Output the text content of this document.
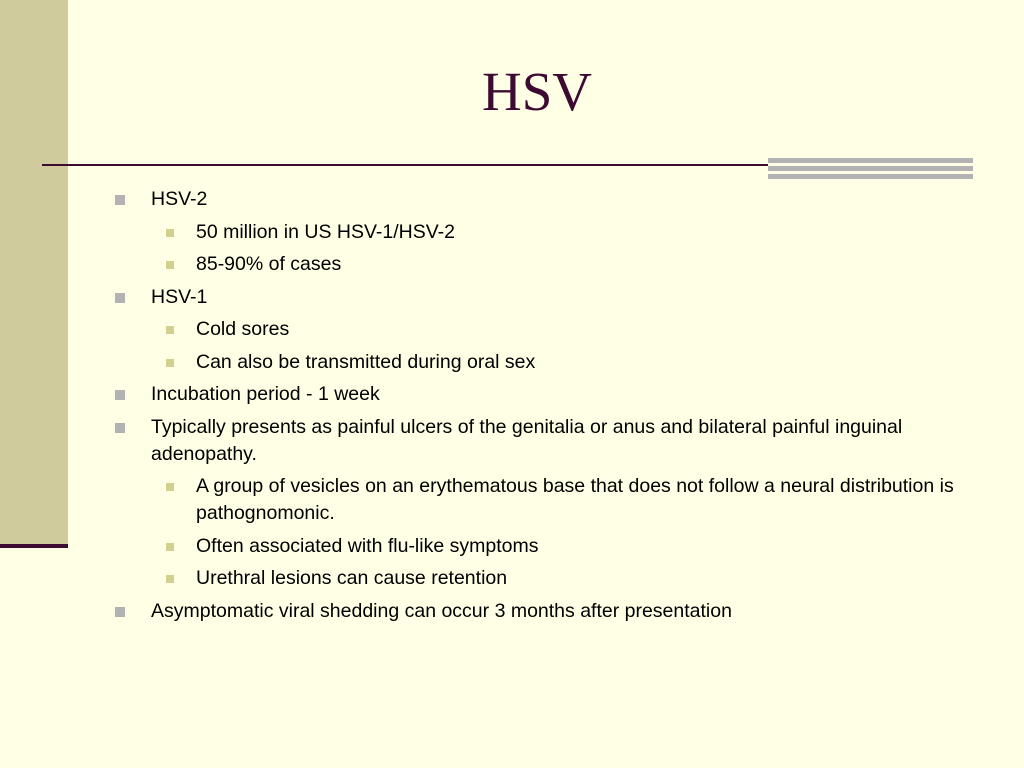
HSV
HSV-2
50 million in US HSV-1/HSV-2
85-90% of cases
HSV-1
Cold sores
Can also be transmitted during oral sex
Incubation period - 1 week
Typically presents as painful ulcers of the genitalia or anus and bilateral painful inguinal adenopathy.
A group of vesicles on an erythematous base that does not follow a neural distribution is pathognomonic.
Often associated with flu-like symptoms
Urethral lesions can cause retention
Asymptomatic viral shedding can occur 3 months after presentation
